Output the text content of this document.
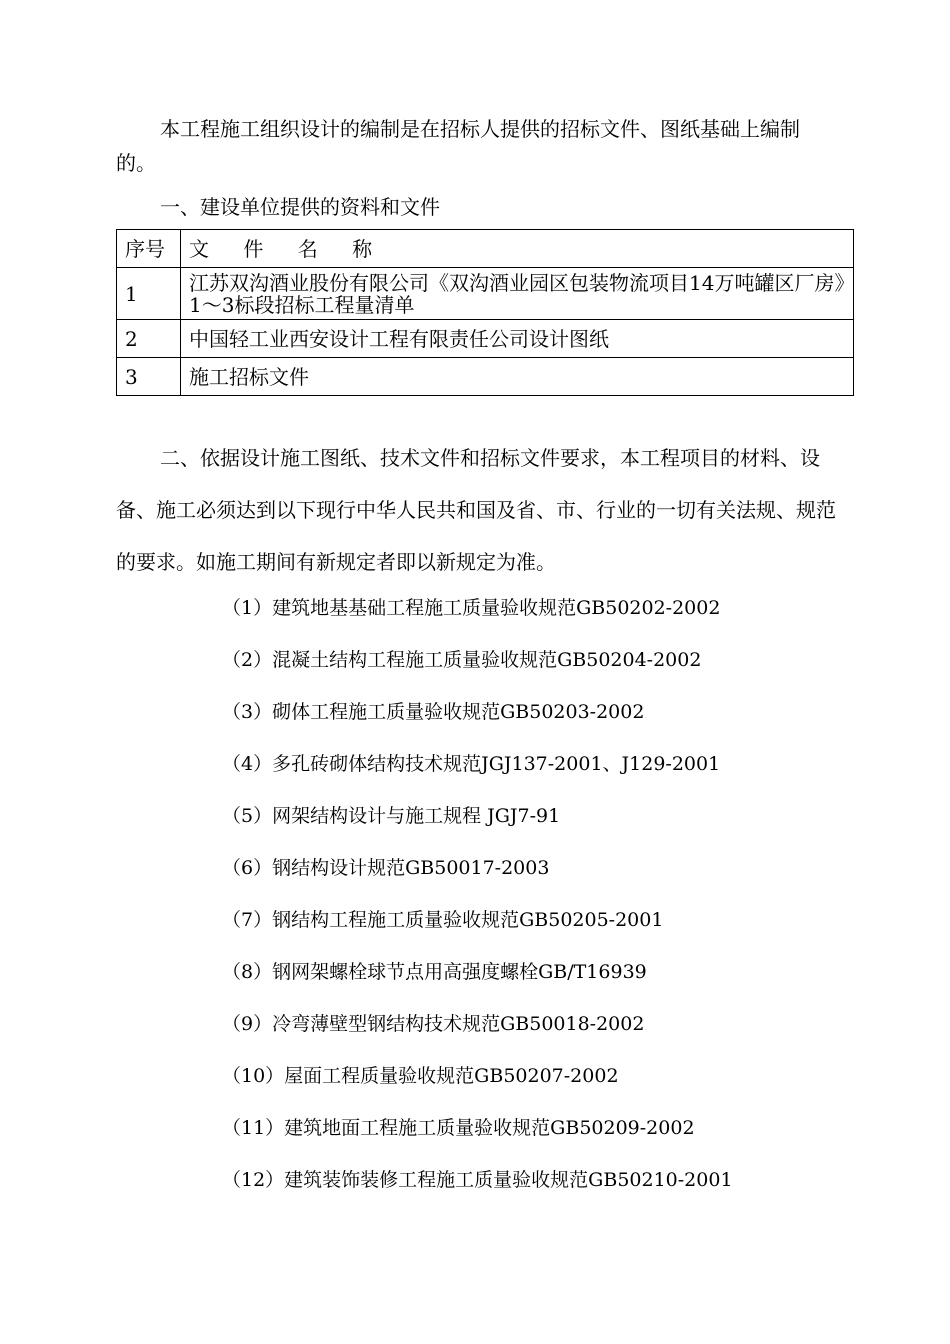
本工程施工组织设计的编制是在招标人提供的招标文件、图纸基础上编制的。

一、建设单位提供的资料和文件

序号	文 件 名 称
1	江苏双沟酒业股份有限公司《双沟酒业园区包装物流项目14万吨罐区厂房》1～3标段招标工程量清单
2	中国轻工业西安设计工程有限责任公司设计图纸
3	施工招标文件

二、依据设计施工图纸、技术文件和招标文件要求，本工程项目的材料、设备、施工必须达到以下现行中华人民共和国及省、市、行业的一切有关法规、规范的要求。如施工期间有新规定者即以新规定为准。

（1）建筑地基基础工程施工质量验收规范GB50202-2002
（2）混凝土结构工程施工质量验收规范GB50204-2002
（3）砌体工程施工质量验收规范GB50203-2002
（4）多孔砖砌体结构技术规范JGJ137-2001、J129-2001
（5）网架结构设计与施工规程 JGJ7-91
（6）钢结构设计规范GB50017-2003
（7）钢结构工程施工质量验收规范GB50205-2001
（8）钢网架螺栓球节点用高强度螺栓GB/T16939
（9）冷弯薄壁型钢结构技术规范GB50018-2002
（10）屋面工程质量验收规范GB50207-2002
（11）建筑地面工程施工质量验收规范GB50209-2002
（12）建筑装饰装修工程施工质量验收规范GB50210-2001
